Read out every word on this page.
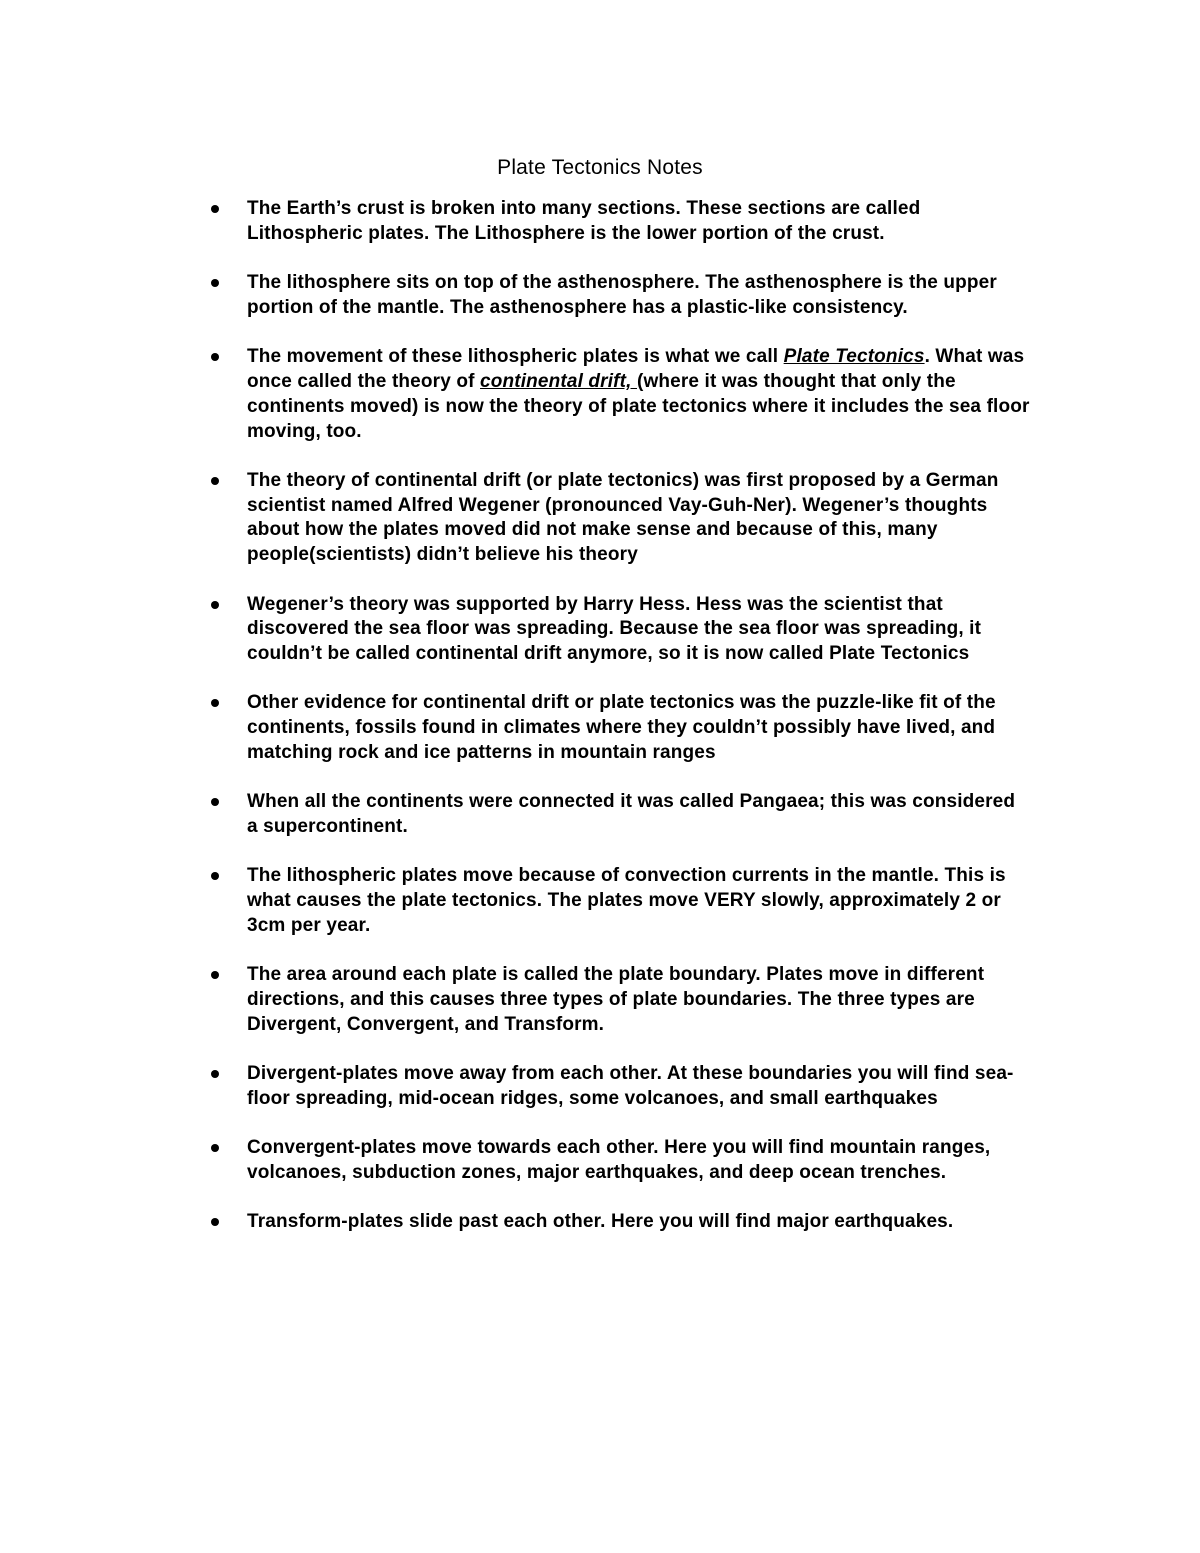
Plate Tectonics Notes
The Earth’s crust is broken into many sections. These sections are called Lithospheric plates. The Lithosphere is the lower portion of the crust.
The lithosphere sits on top of the asthenosphere. The asthenosphere is the upper portion of the mantle. The asthenosphere has a plastic-like consistency.
The movement of these lithospheric plates is what we call Plate Tectonics. What was once called the theory of continental drift, (where it was thought that only the continents moved) is now the theory of plate tectonics where it includes the sea floor moving, too.
The theory of continental drift (or plate tectonics) was first proposed by a German scientist named Alfred Wegener (pronounced Vay-Guh-Ner). Wegener’s thoughts about how the plates moved did not make sense and because of this, many people(scientists) didn’t believe his theory
Wegener’s theory was supported by Harry Hess. Hess was the scientist that discovered the sea floor was spreading. Because the sea floor was spreading, it couldn’t be called continental drift anymore, so it is now called Plate Tectonics
Other evidence for continental drift or plate tectonics was the puzzle-like fit of the continents, fossils found in climates where they couldn’t possibly have lived, and matching rock and ice patterns in mountain ranges
When all the continents were connected it was called Pangaea; this was considered a supercontinent.
The lithospheric plates move because of convection currents in the mantle. This is what causes the plate tectonics. The plates move VERY slowly, approximately 2 or 3cm per year.
The area around each plate is called the plate boundary. Plates move in different directions, and this causes three types of plate boundaries. The three types are Divergent, Convergent, and Transform.
Divergent-plates move away from each other. At these boundaries you will find sea-floor spreading, mid-ocean ridges, some volcanoes, and small earthquakes
Convergent-plates move towards each other. Here you will find mountain ranges, volcanoes, subduction zones, major earthquakes, and deep ocean trenches.
Transform-plates slide past each other. Here you will find major earthquakes.
